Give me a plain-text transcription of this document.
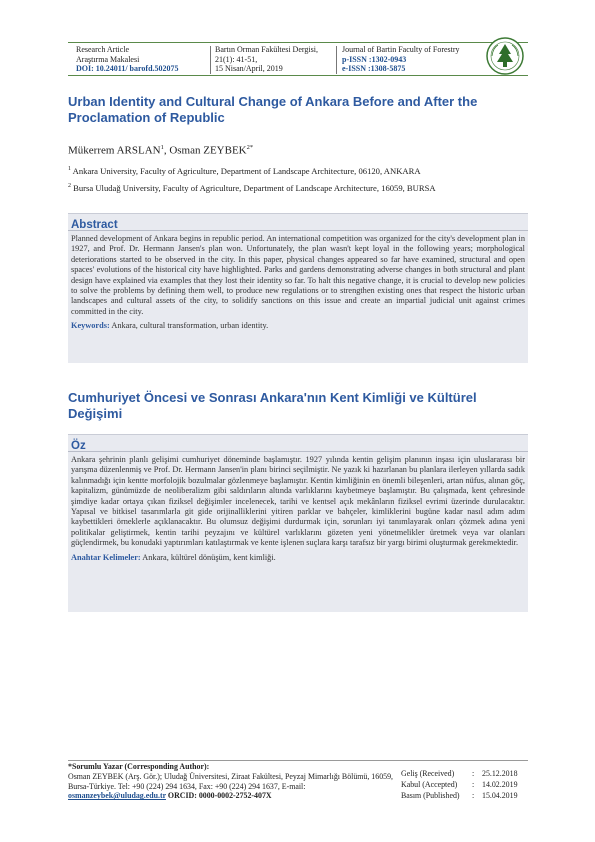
Research Article
Araştırma Makalesi
DOI: 10.24011/ barofd.502075
Bartın Orman Fakültesi Dergisi,
21(1): 41-51,
15 Nisan/April, 2019
Journal of Bartin Faculty of Forestry
p-ISSN :1302-0943
e-ISSN :1308-5875
Urban Identity and Cultural Change of Ankara Before and After the Proclamation of Republic
Mükerrem ARSLAN$^1$, Osman $ZEYBEK^{2*}$
$^1$ Ankara University, Faculty of Agriculture, Department of Landscape Architecture, 06120, ANKARA
$^2$ Bursa Uludağ University, Faculty of Agriculture, Department of Landscape Architecture, 16059, BURSA
Abstract
Planned development of Ankara begins in republic period. An international competition was organized for the city's development plan in 1927, and Prof. Dr. Hermann Jansen's plan won. Unfortunately, the plan wasn't kept loyal in the following years; morphological deteriorations started to be observed in the city. In this paper, physical changes appeared so far have examined, structural and open spaces' evolutions of the historical city have highlighted. Parks and gardens demonstrating adverse changes in both structural and plant design have explained via examples that they lost their identity so far. To halt this negative change, it is crucial to develop new policies to solve the problems by defining them well, to produce new regulations or to strengthen existing ones that respect the historic urban landscapes and cultural assets of the city, to solidify sanctions on this issue and create an impartial judicial unit against crimes committed in the city.
Keywords: Ankara, cultural transformation, urban identity.
Cumhuriyet Öncesi ve Sonrası Ankara'nın Kent Kimliği ve Kültürel Değişimi
Öz
Ankara şehrinin planlı gelişimi cumhuriyet döneminde başlamıştır. 1927 yılında kentin gelişim planının inşası için uluslararası bir yarışma düzenlenmiş ve Prof. Dr. Hermann Jansen'in planı birinci seçilmiştir. Ne yazık ki hazırlanan bu planlara ilerleyen yıllarda sadık kalınmadığı için kentte morfolojik bozulmalar gözlenmeye başlamıştır. Kentin kimliğinin en önemli bileşenleri, artan nüfus, alınan göç, kapitalizm, günümüzde de neoliberalizm gibi saldırıların altında varlıklarını kaybetmeye başlamıştır. Bu çalışmada, kent çehresinde şimdiye kadar ortaya çıkan fiziksel değişimler incelenecek, tarihi ve kentsel açık mekânların fiziksel evrimi üzerinde durulacaktır. Yapısal ve bitkisel tasarımlarla git gide orijinalliklerini yitiren parklar ve bahçeler, kimliklerini bugüne kadar nasıl adım adım kaybettikleri örneklerle açıklanacaktır. Bu olumsuz değişimi durdurmak için, sorunları iyi tanımlayarak onları çözmek adına yeni politikalar geliştirmek, kentin tarihi peyzajını ve kültürel varlıklarını gözeten yeni yönetmelikler üretmek veya var olanları güçlendirmek, bu konudaki yaptırımları katılaştırmak ve kente işlenen suçlara karşı tarafsız bir yargı birimi oluşturmak gerekmektedir.
Anahtar Kelimeler: Ankara, kültürel dönüşüm, kent kimliği.
*Sorumlu Yazar (Corresponding Author):
Osman ZEYBEK (Arş. Gör.); Uludağ Üniversitesi, Ziraat Fakültesi, Peyzaj Mimarlığı Bölümü, 16059, Bursa-Türkiye. Tel: +90 (224) 294 1634, Fax: +90 (224) 294 1637, E-mail: osmanzeybek@uludag.edu.tr ORCID: 0000-0002-2752-407X
Geliş (Received)	: 25.12.2018
Kabul (Accepted)	: 14.02.2019
Basım (Published)	: 15.04.2019
